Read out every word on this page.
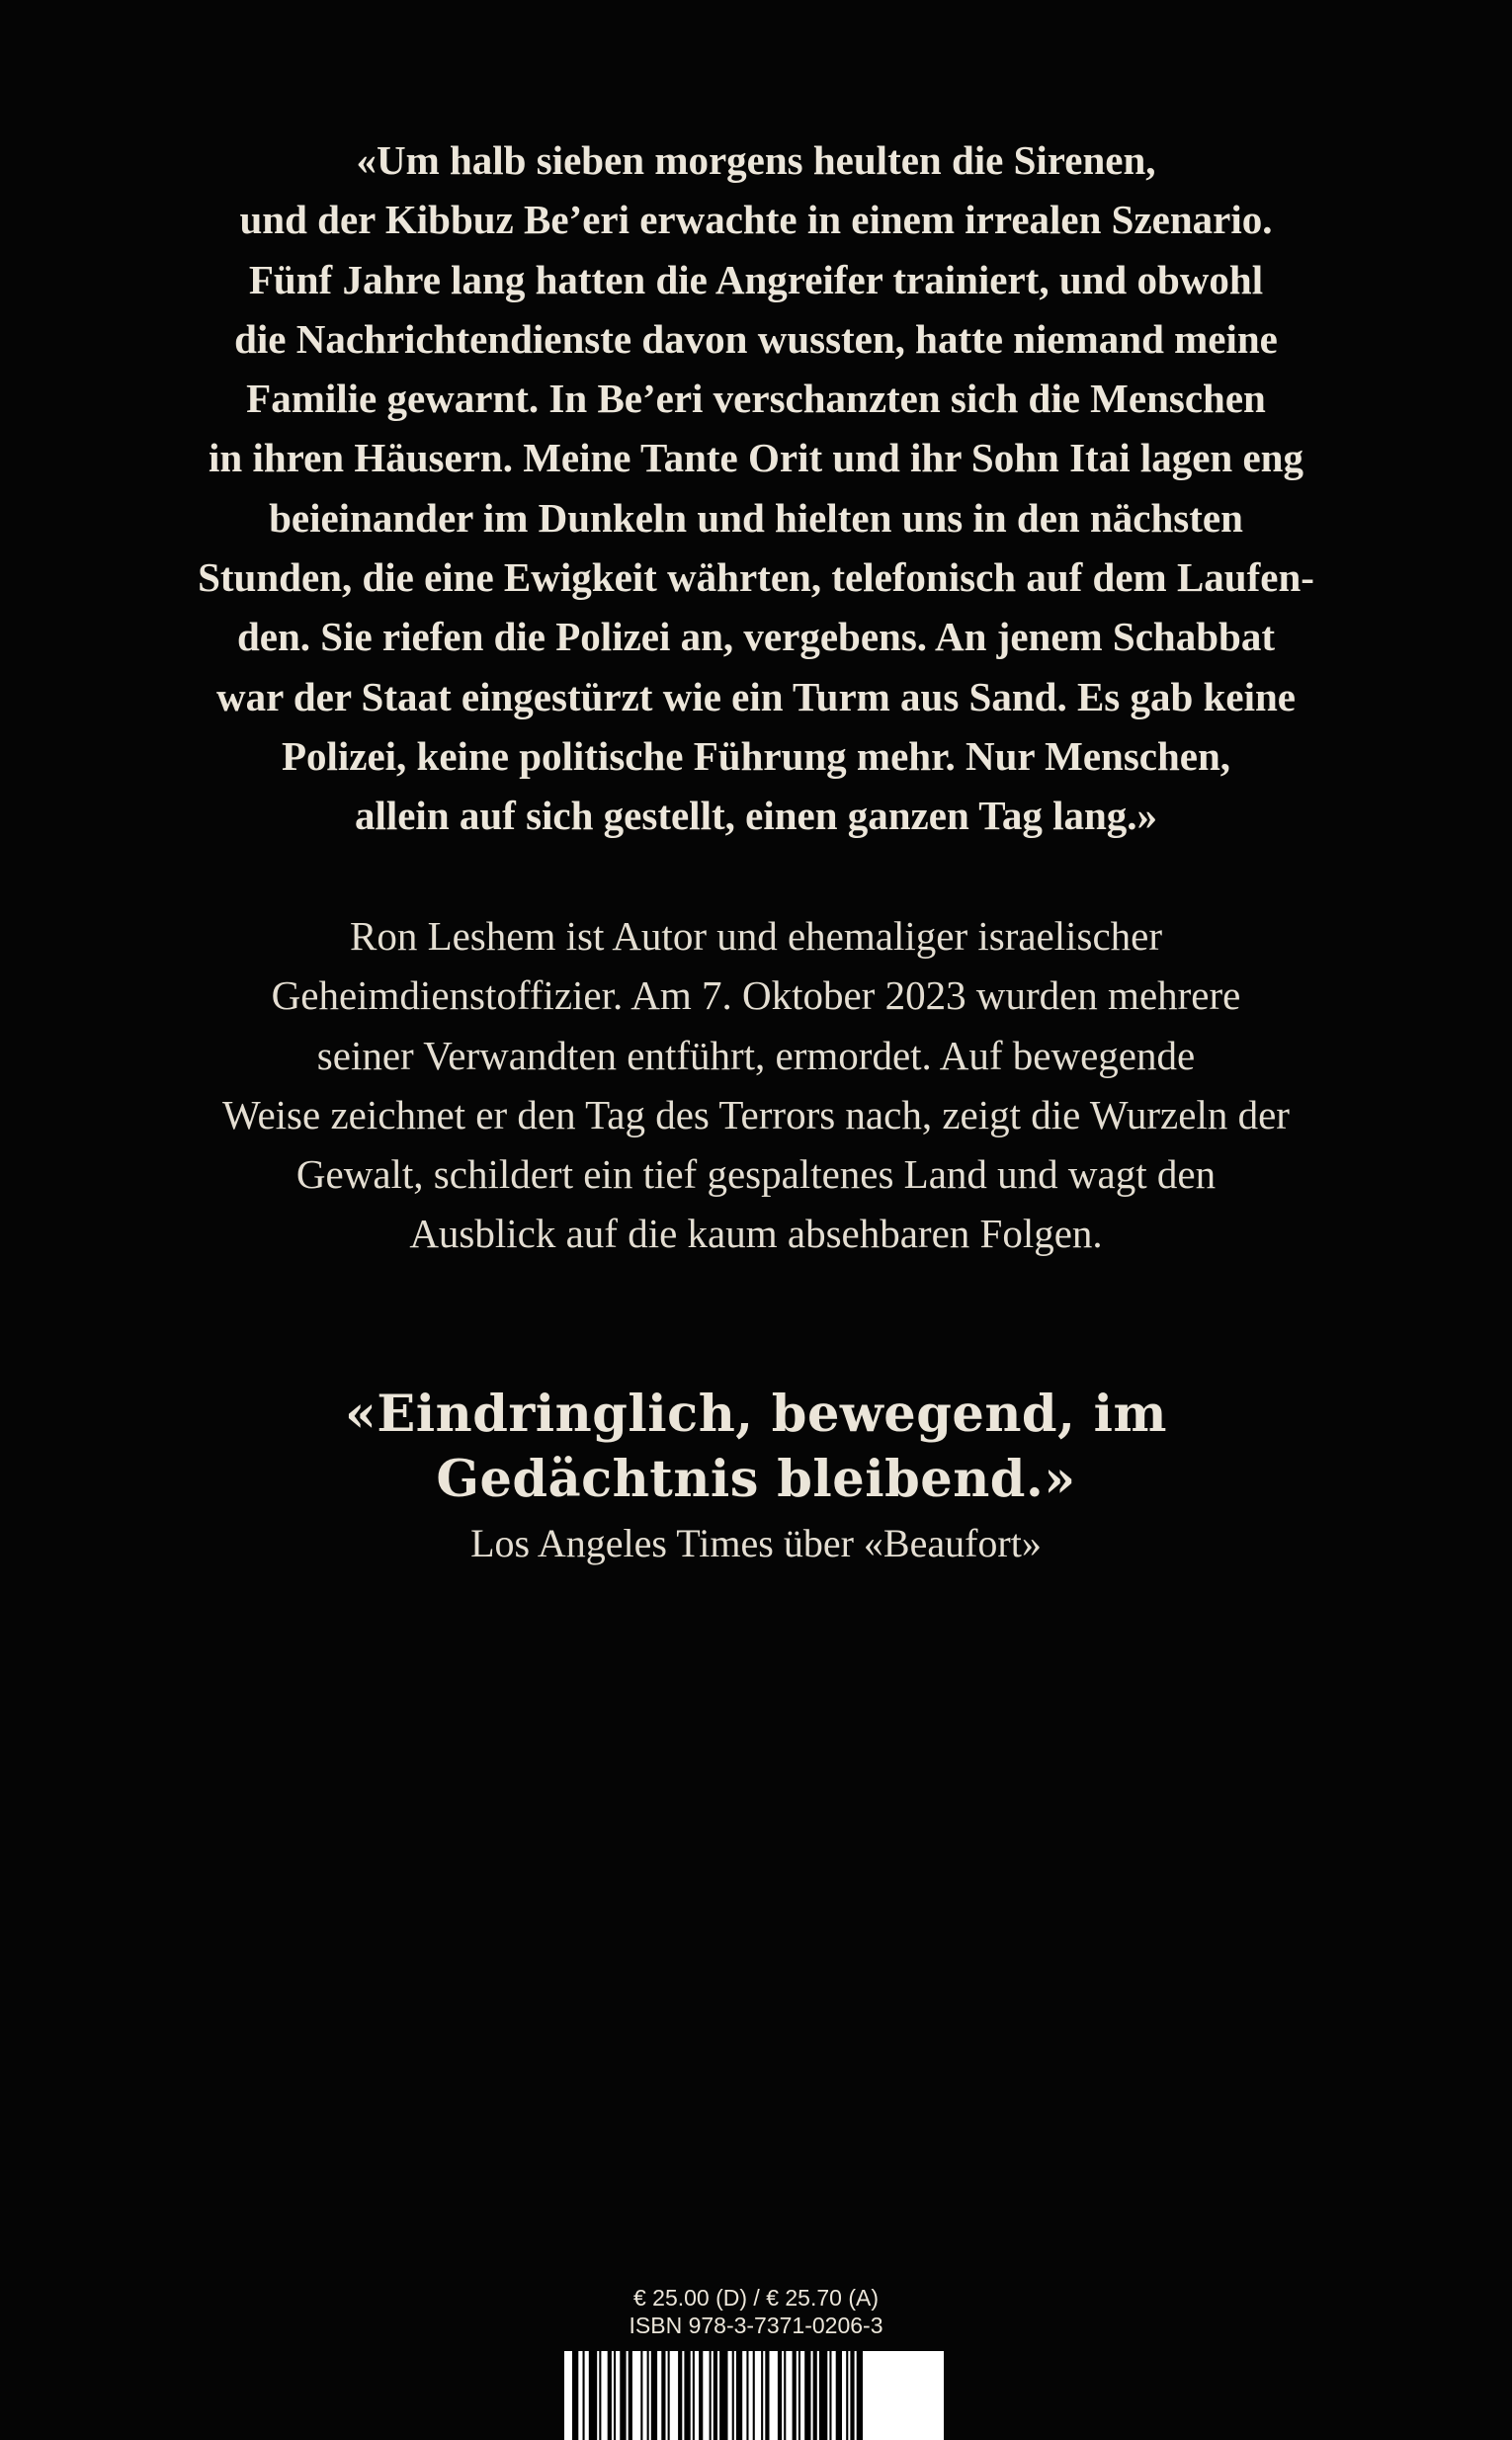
«Um halb sieben morgens heulten die Sirenen,
und der Kibbuz Be’eri erwachte in einem irrealen Szenario.
Fünf Jahre lang hatten die Angreifer trainiert, und obwohl
die Nachrichtendienste davon wussten, hatte niemand meine
Familie gewarnt. In Be’eri verschanzten sich die Menschen
in ihren Häusern. Meine Tante Orit und ihr Sohn Itai lagen eng
beieinander im Dunkeln und hielten uns in den nächsten
Stunden, die eine Ewigkeit währten, telefonisch auf dem Laufen-
den. Sie riefen die Polizei an, vergebens. An jenem Schabbat
war der Staat eingestürzt wie ein Turm aus Sand. Es gab keine
Polizei, keine politische Führung mehr. Nur Menschen,
allein auf sich gestellt, einen ganzen Tag lang.»
Ron Leshem ist Autor und ehemaliger israelischer
Geheimdienstoffizier. Am 7. Oktober 2023 wurden mehrere
seiner Verwandten entführt, ermordet. Auf bewegende
Weise zeichnet er den Tag des Terrors nach, zeigt die Wurzeln der
Gewalt, schildert ein tief gespaltenes Land und wagt den
Ausblick auf die kaum absehbaren Folgen.
«Eindringlich, bewegend, im
Gedächtnis bleibend.»
Los Angeles Times über «Beaufort»
€ 25.00 (D) / € 25.70 (A)
ISBN 978-3-7371-0206-3
